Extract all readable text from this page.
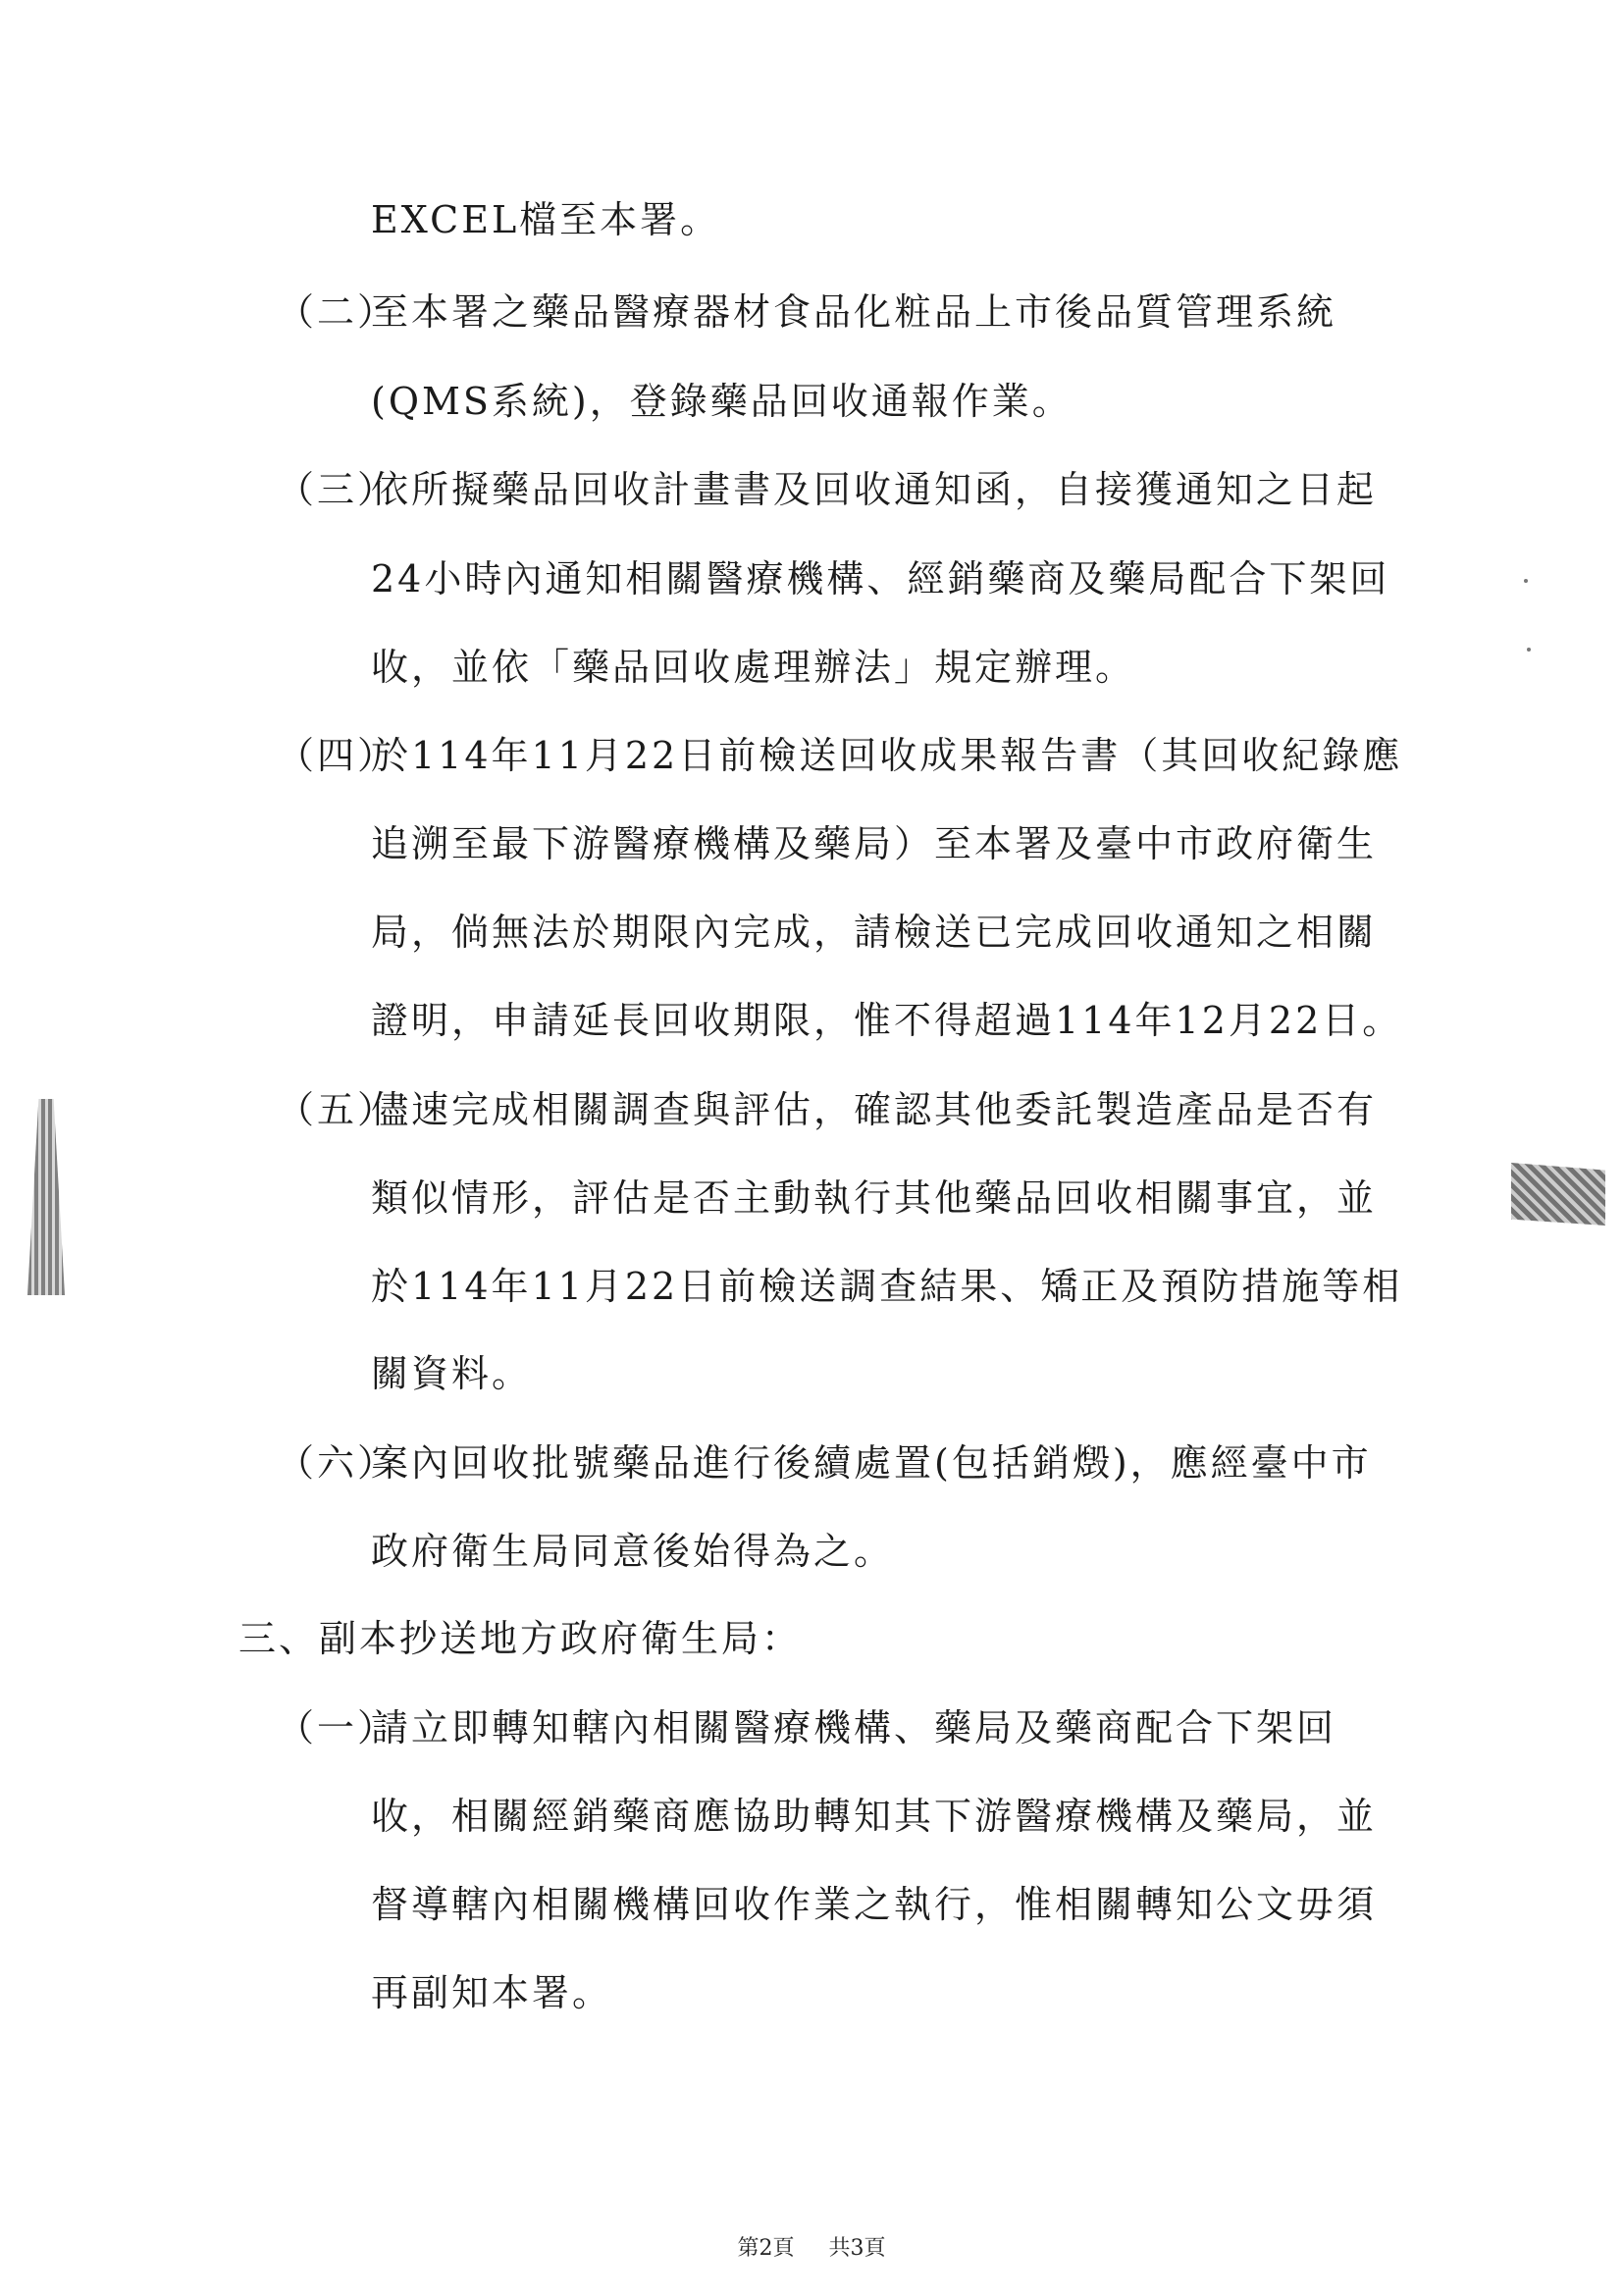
EXCEL檔至本署。
（二）
至本署之藥品醫療器材食品化粧品上市後品質管理系統
(QMS系統)，登錄藥品回收通報作業。
（三）
依所擬藥品回收計畫書及回收通知函，自接獲通知之日起
24小時內通知相關醫療機構、經銷藥商及藥局配合下架回
收，並依「藥品回收處理辦法」規定辦理。
（四）
於114年11月22日前檢送回收成果報告書（其回收紀錄應
追溯至最下游醫療機構及藥局）至本署及臺中市政府衛生
局，倘無法於期限內完成，請檢送已完成回收通知之相關
證明，申請延長回收期限，惟不得超過114年12月22日。
（五）
儘速完成相關調查與評估，確認其他委託製造產品是否有
類似情形，評估是否主動執行其他藥品回收相關事宜，並
於114年11月22日前檢送調查結果、矯正及預防措施等相
關資料。
（六）
案內回收批號藥品進行後續處置(包括銷燬)，應經臺中市
政府衛生局同意後始得為之。
三、副本抄送地方政府衛生局：
（一）
請立即轉知轄內相關醫療機構、藥局及藥商配合下架回
收，相關經銷藥商應協助轉知其下游醫療機構及藥局，並
督導轄內相關機構回收作業之執行，惟相關轉知公文毋須
再副知本署。
第2頁 共3頁
